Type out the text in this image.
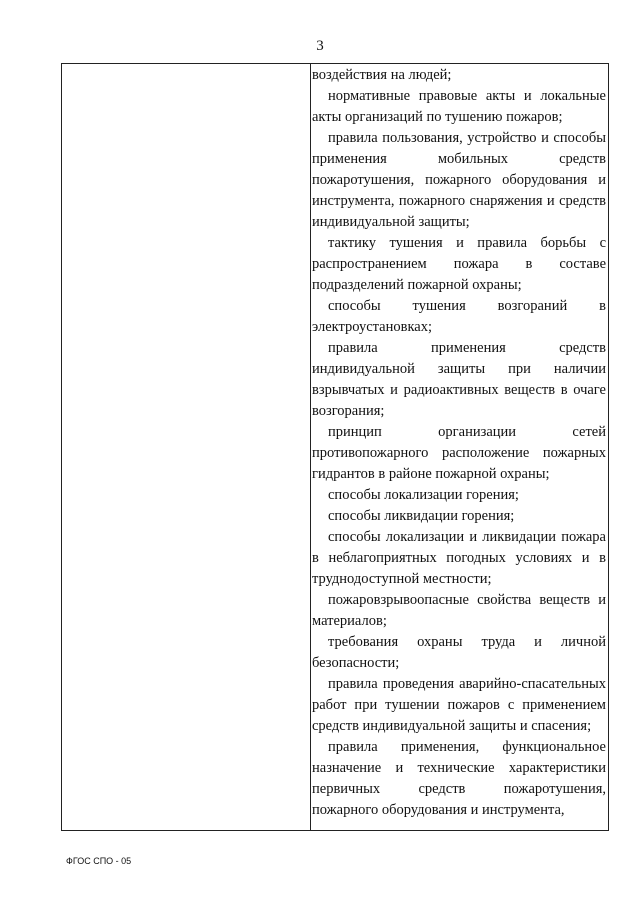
3

воздействия на людей;

нормативные правовые акты и локальные акты организаций по тушению пожаров;

правила пользования, устройство и способы применения мобильных средств пожаротушения, пожарного оборудования и инструмента, пожарного снаряжения и средств индивидуальной защиты;

тактику тушения и правила борьбы с распространением пожара в составе подразделений пожарной охраны;

способы тушения возгораний в электроустановках;

правила применения средств индивидуальной защиты при наличии взрывчатых и радиоактивных веществ в очаге возгорания;

принцип организации сетей противопожарного расположение пожарных гидрантов в районе пожарной охраны;

способы локализации горения;

способы ликвидации горения;

способы локализации и ликвидации пожара в неблагоприятных погодных условиях и в труднодоступной местности;

пожаровзрывоопасные свойства веществ и материалов;

требования охраны труда и личной безопасности;

правила проведения аварийно-спасательных работ при тушении пожаров с применением средств индивидуальной защиты и спасения;

правила применения, функциональное назначение и технические характеристики первичных средств пожаротушения, пожарного оборудования и инструмента,

ФГОС СПО - 05
